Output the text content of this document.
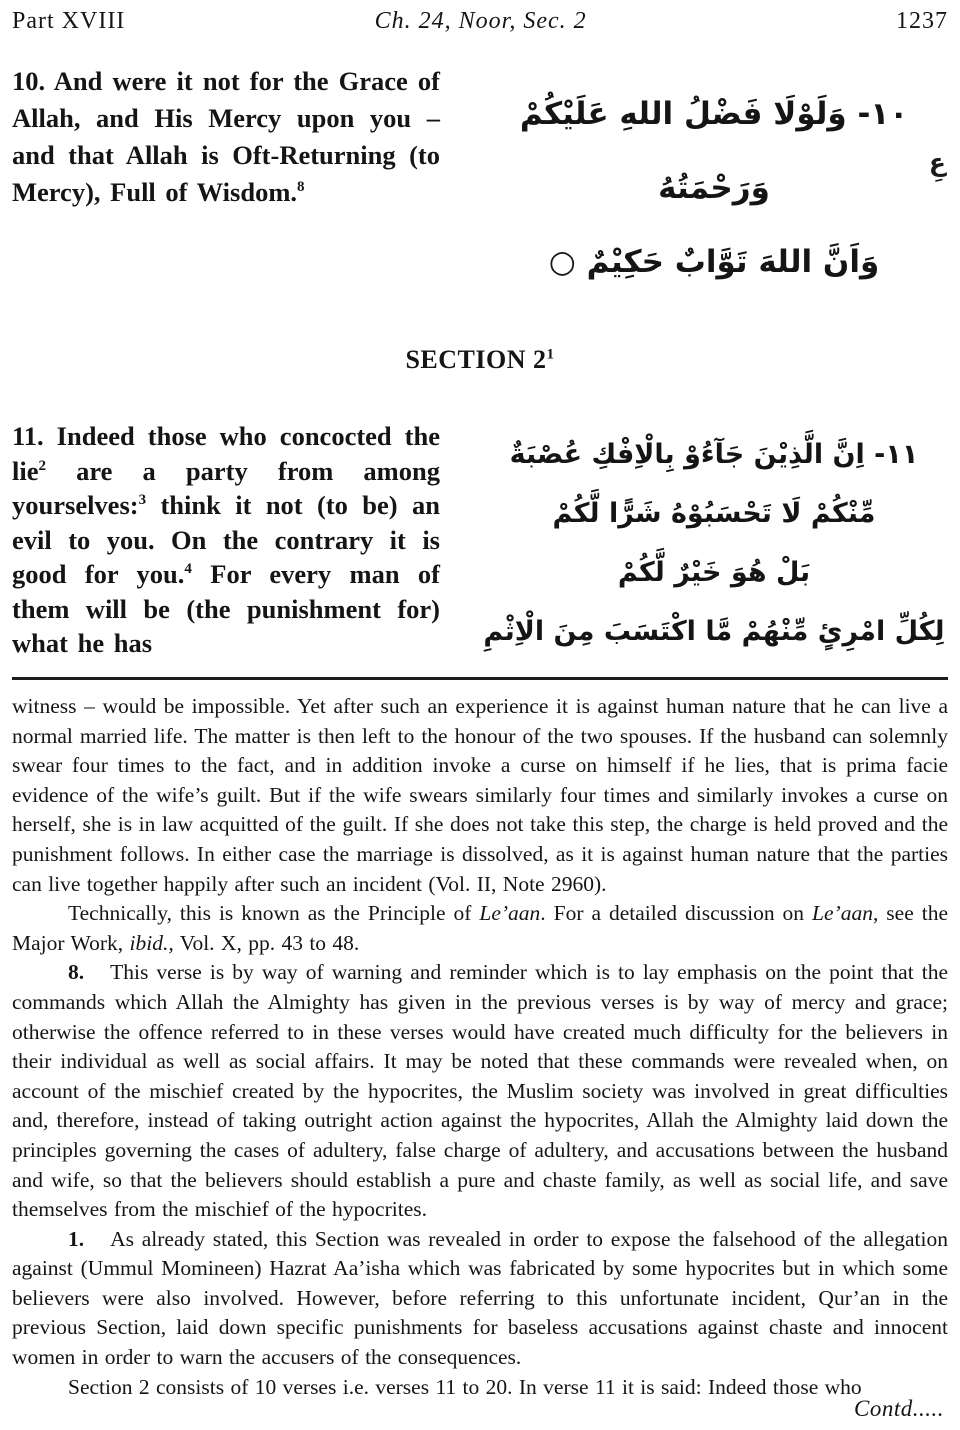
Part XVIII	Ch. 24, Noor, Sec. 2	1237
10. And were it not for the Grace of Allah, and His Mercy upon you – and that Allah is Oft-Returning (to Mercy), Full of Wisdom.$^8$
١٠- وَلَوْلَا فَضْلُ اللهِ عَلَيْكُمْ وَرَحْمَتُهُ
وَاَنَّ اللهَ تَوَّابٌ حَكِيْمٌ ○
عِ
SECTION $2^1$
11. Indeed those who concocted the lie$^2$ are a party from among yourselves:$^3$ think it not (to be) an evil to you. On the contrary it is good for you.$^4$ For every man of them will be (the punishment for) what he has
١١- اِنَّ الَّذِيْنَ جَآءُوْ بِالْاِفْكِ عُصْبَةٌ
مِّنْكُمْ لَا تَحْسَبُوْهُ شَرًّا لَّكُمْ
بَلْ هُوَ خَيْرٌ لَّكُمْ
لِكُلِّ امْرِئٍ مِّنْهُمْ مَّا اكْتَسَبَ مِنَ الْاِثْمِ

witness – would be impossible. Yet after such an experience it is against human nature that he can live a normal married life. The matter is then left to the honour of the two spouses. If the husband can solemnly swear four times to the fact, and in addition invoke a curse on himself if he lies, that is prima facie evidence of the wife’s guilt. But if the wife swears similarly four times and similarly invokes a curse on herself, she is in law acquitted of the guilt. If she does not take this step, the charge is held proved and the punishment follows. In either case the marriage is dissolved, as it is against human nature that the parties can live together happily after such an incident (Vol. II, Note 2960).

Technically, this is known as the Principle of Le’aan. For a detailed discussion on Le’aan, see the Major Work, ibid., Vol. X, pp. 43 to 48.

8. This verse is by way of warning and reminder which is to lay emphasis on the point that the commands which Allah the Almighty has given in the previous verses is by way of mercy and grace; otherwise the offence referred to in these verses would have created much difficulty for the believers in their individual as well as social affairs. It may be noted that these commands were revealed when, on account of the mischief created by the hypocrites, the Muslim society was involved in great difficulties and, therefore, instead of taking outright action against the hypocrites, Allah the Almighty laid down the principles governing the cases of adultery, false charge of adultery, and accusations between the husband and wife, so that the believers should establish a pure and chaste family, as well as social life, and save themselves from the mischief of the hypocrites.

1. As already stated, this Section was revealed in order to expose the falsehood of the allegation against (Ummul Momineen) Hazrat Aa’isha which was fabricated by some hypocrites but in which some believers were also involved. However, before referring to this unfortunate incident, Qur’an in the previous Section, laid down specific punishments for baseless accusations against chaste and innocent women in order to warn the accusers of the consequences.

Section 2 consists of 10 verses i.e. verses 11 to 20. In verse 11 it is said: Indeed those who

Contd.....
